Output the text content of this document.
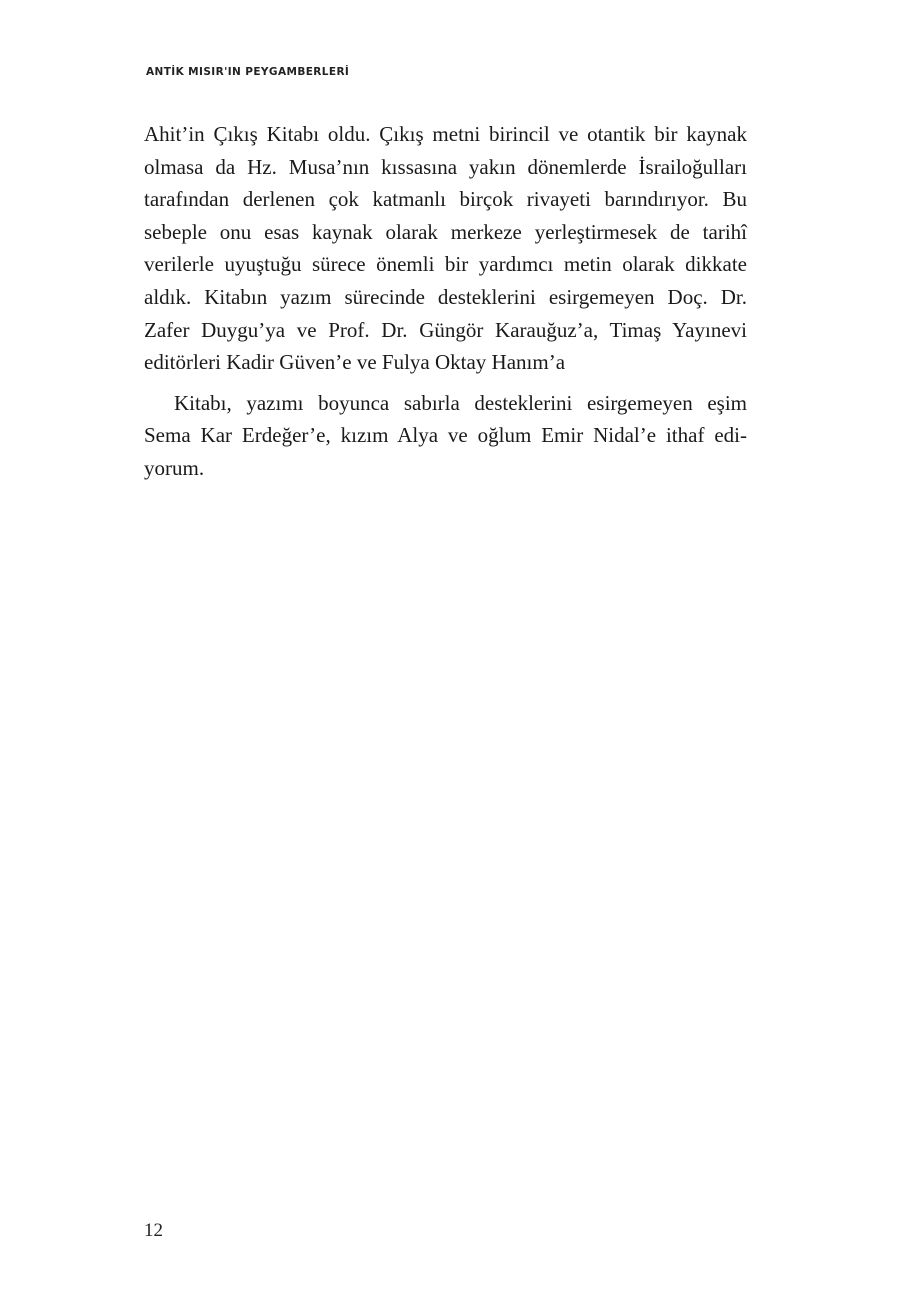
ANTİK MISIR'IN PEYGAMBERLERİ
Ahit’in Çıkış Kitabı oldu. Çıkış metni birincil ve otantik bir kaynak
olmasa da Hz. Musa’nın kıssasına yakın dönemlerde İsrailoğulları
tarafından derlenen çok katmanlı birçok rivayeti barındırıyor. Bu
sebeple onu esas kaynak olarak merkeze yerleştirmesek de tarihî
verilerle uyuştuğu sürece önemli bir yardımcı metin olarak dikkate
aldık. Kitabın yazım sürecinde desteklerini esirgemeyen Doç. Dr.
Zafer Duygu’ya ve Prof. Dr. Güngör Karauğuz’a, Timaş Yayınevi
editörleri Kadir Güven’e ve Fulya Oktay Hanım’a
Kitabı, yazımı boyunca sabırla desteklerini esirgemeyen eşim
Sema Kar Erdeğer’e, kızım Alya ve oğlum Emir Nidal’e ithaf edi-
yorum.
12
